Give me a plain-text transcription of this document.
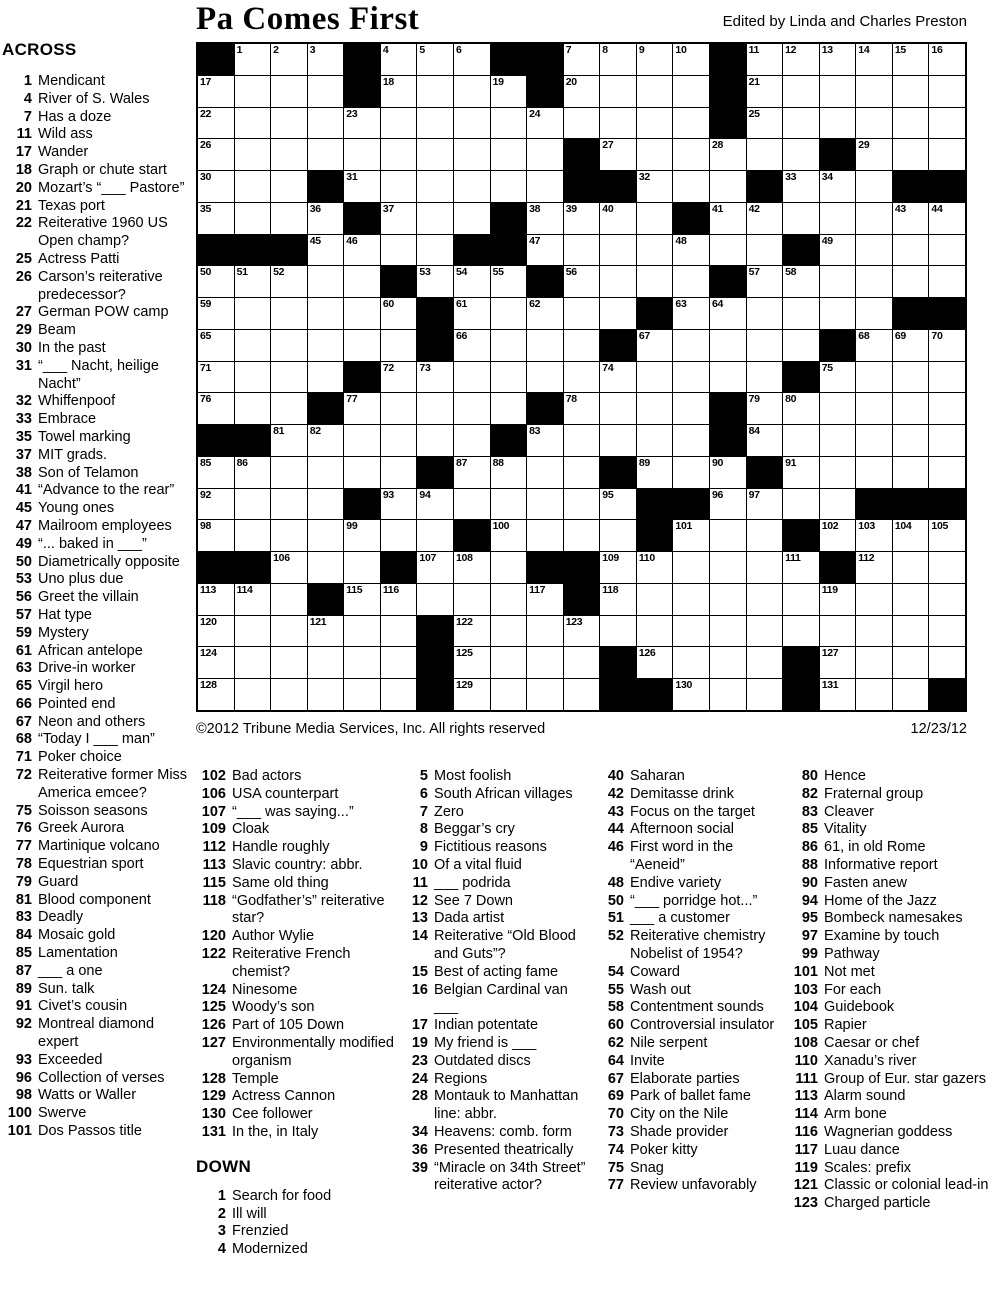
Pa Comes First	Edited by Linda and Charles Preston
ACROSS
1 Mendicant
4 River of S. Wales
7 Has a doze
11 Wild ass
17 Wander
18 Graph or chute start
20 Mozart’s “___ Pastore”
21 Texas port
22 Reiterative 1960 US Open champ?
25 Actress Patti
26 Carson’s reiterative predecessor?
27 German POW camp
29 Beam
30 In the past
31 “___ Nacht, heilige Nacht”
32 Whiffenpoof
33 Embrace
35 Towel marking
37 MIT grads.
38 Son of Telamon
41 “Advance to the rear”
45 Young ones
47 Mailroom employees
49 “... baked in ___”
50 Diametrically opposite
53 Uno plus due
56 Greet the villain
57 Hat type
59 Mystery
61 African antelope
63 Drive-in worker
65 Virgil hero
66 Pointed end
67 Neon and others
68 “Today I ___ man”
71 Poker choice
72 Reiterative former Miss America emcee?
75 Soisson seasons
76 Greek Aurora
77 Martinique volcano
78 Equestrian sport
79 Guard
81 Blood component
83 Deadly
84 Mosaic gold
85 Lamentation
87 ___ a one
89 Sun. talk
91 Civet’s cousin
92 Montreal diamond expert
93 Exceeded
96 Collection of verses
98 Watts or Waller
100 Swerve
101 Dos Passos title
1	2	3	4	5	6	7	8	9	10	11 12 13 14 15 16
17	18	19	20	21
22	23	24	25
26	27	28	29
30	31	32	33 34
35	36	37	38 39 40	41 42	43 44
45 46	47	48	49
50 51 52	53 54 55	56	57 58
59	60	61	62	63 64
65	66	67	68 69 70
71	72 73	74	75
76	77	78	79 80
81 82	83	84
85 86	87 88	89	90	91
92	93 94	95	96 97
98	99	100	101	102 103 104 105
106	107 108	109 110	111	112
113 114	115 116	117	118	119
120	121	122	123
124	125	126	127
128	129	130	131
©2012 Tribune Media Services, Inc. All rights reserved	12/23/12
102 Bad actors
106 USA counterpart
107 “___ was saying...”
109 Cloak
112 Handle roughly
113 Slavic country: abbr.
115 Same old thing
118 “Godfather’s” reiterative star?
120 Author Wylie
122 Reiterative French chemist?
124 Ninesome
125 Woody’s son
126 Part of 105 Down
127 Environmentally modified organism
128 Temple
129 Actress Cannon
130 Cee follower
131 In the, in Italy
DOWN
1 Search for food
2 Ill will
3 Frenzied
4 Modernized
5 Most foolish
6 South African villages
7 Zero
8 Beggar’s cry
9 Fictitious reasons
10 Of a vital fluid
11 ___ podrida
12 See 7 Down
13 Dada artist
14 Reiterative “Old Blood and Guts”?
15 Best of acting fame
16 Belgian Cardinal van ___
17 Indian potentate
19 My friend is ___
23 Outdated discs
24 Regions
28 Montauk to Manhattan line: abbr.
34 Heavens: comb. form
36 Presented theatrically
39 “Miracle on 34th Street” reiterative actor?
40 Saharan
42 Demitasse drink
43 Focus on the target
44 Afternoon social
46 First word in the “Aeneid”
48 Endive variety
50 “___ porridge hot...”
51 ___ a customer
52 Reiterative chemistry Nobelist of 1954?
54 Coward
55 Wash out
58 Contentment sounds
60 Controversial insulator
62 Nile serpent
64 Invite
67 Elaborate parties
69 Park of ballet fame
70 City on the Nile
73 Shade provider
74 Poker kitty
75 Snag
77 Review unfavorably
80 Hence
82 Fraternal group
83 Cleaver
85 Vitality
86 61, in old Rome
88 Informative report
90 Fasten anew
94 Home of the Jazz
95 Bombeck namesakes
97 Examine by touch
99 Pathway
101 Not met
103 For each
104 Guidebook
105 Rapier
108 Caesar or chef
110 Xanadu’s river
111 Group of Eur. star gazers
113 Alarm sound
114 Arm bone
116 Wagnerian goddess
117 Luau dance
119 Scales: prefix
121 Classic or colonial lead-in
123 Charged particle
